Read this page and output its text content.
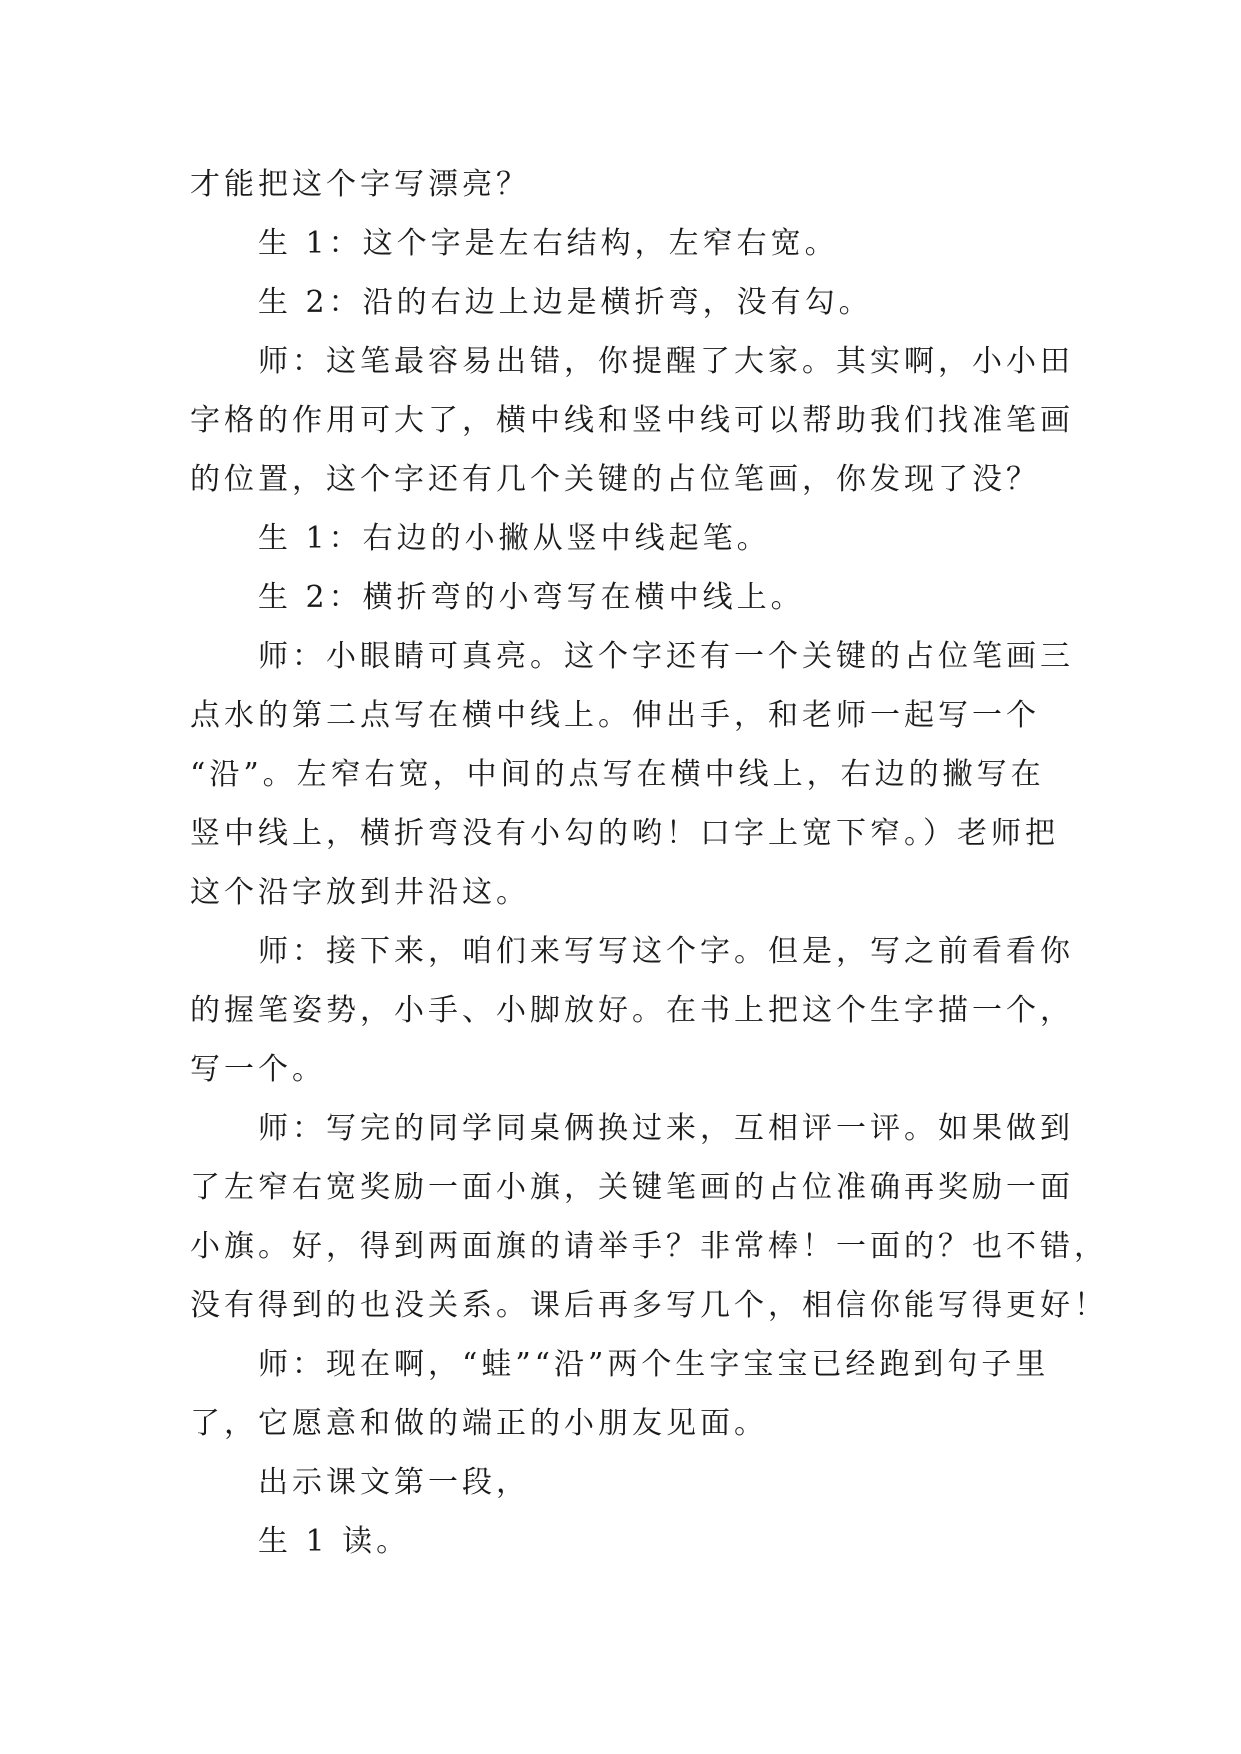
才能把这个字写漂亮？

生 1：这个字是左右结构，左窄右宽。

生 2：沿的右边上边是横折弯，没有勾。

师：这笔最容易出错，你提醒了大家。其实啊，小小田

字格的作用可大了，横中线和竖中线可以帮助我们找准笔画

的位置，这个字还有几个关键的占位笔画，你发现了没？

生 1：右边的小撇从竖中线起笔。

生 2：横折弯的小弯写在横中线上。

师：小眼睛可真亮。这个字还有一个关键的占位笔画三

点水的第二点写在横中线上。伸出手，和老师一起写一个

“沿”。左窄右宽，中间的点写在横中线上，右边的撇写在

竖中线上，横折弯没有小勾的哟！口字上宽下窄。）老师把

这个沿字放到井沿这。

师：接下来，咱们来写写这个字。但是，写之前看看你

的握笔姿势，小手、小脚放好。在书上把这个生字描一个，

写一个。

师：写完的同学同桌俩换过来，互相评一评。如果做到

了左窄右宽奖励一面小旗，关键笔画的占位准确再奖励一面

小旗。好，得到两面旗的请举手？非常棒！一面的？也不错，

没有得到的也没关系。课后再多写几个，相信你能写得更好！

师：现在啊，“蛙”“沿”两个生字宝宝已经跑到句子里

了，它愿意和做的端正的小朋友见面。

出示课文第一段，

生 1 读。
